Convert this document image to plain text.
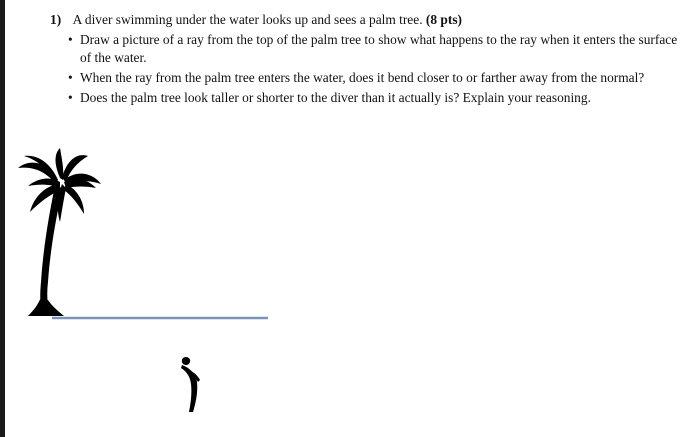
1) A diver swimming under the water looks up and sees a palm tree. (8 pts)
• Draw a picture of a ray from the top of the palm tree to show what happens to the ray when it enters the surface of the water.
• When the ray from the palm tree enters the water, does it bend closer to or farther away from the normal?
• Does the palm tree look taller or shorter to the diver than it actually is? Explain your reasoning.
